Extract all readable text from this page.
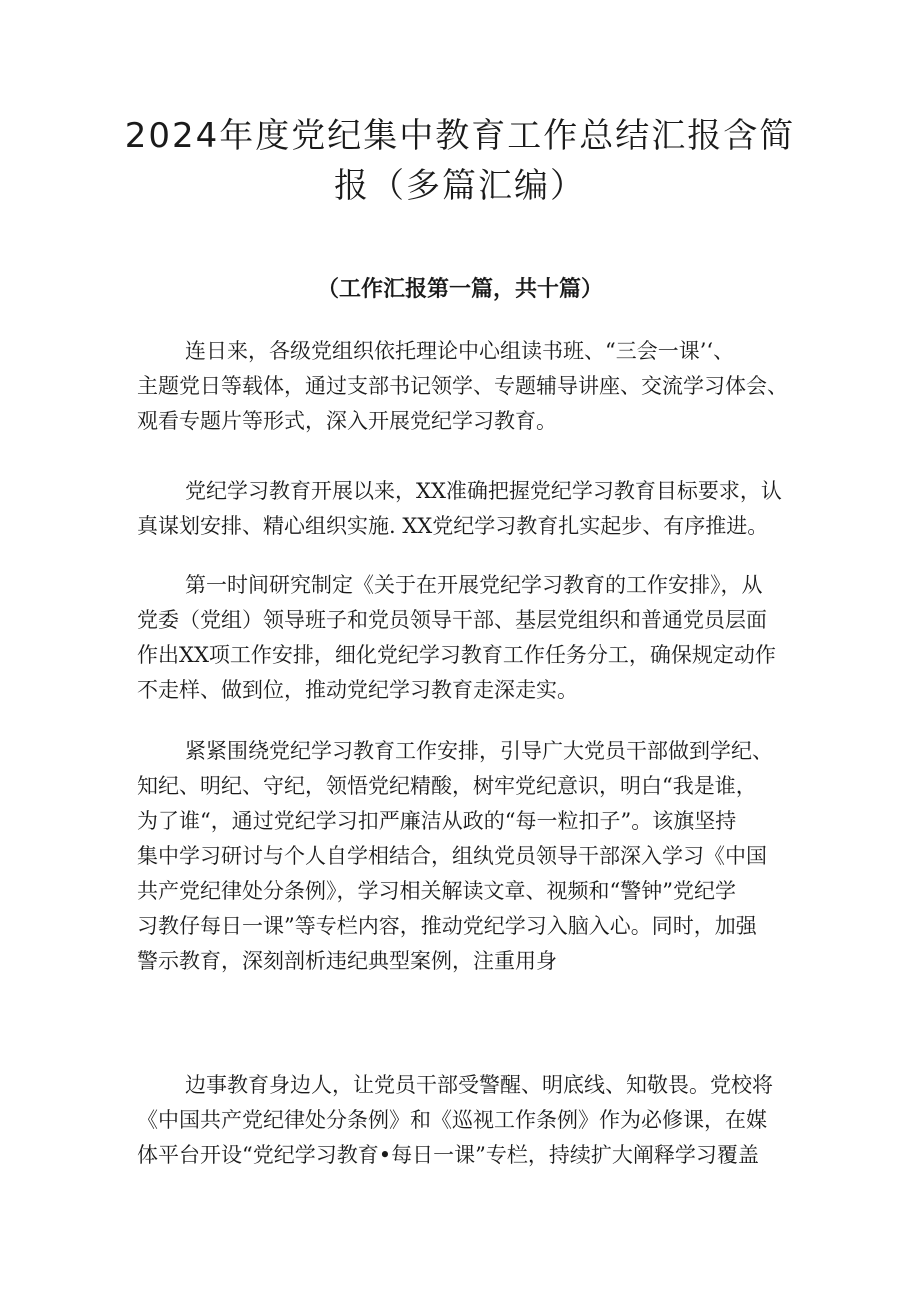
2024年度党纪集中教育工作总结汇报含简
报（多篇汇编）
（工作汇报第一篇，共十篇）
连日来，各级党组织依托理论中心组读书班、“三会一课’‘、
主题党日等载体，通过支部书记领学、专题辅导讲座、交流学习体会、
观看专题片等形式，深入开展党纪学习教育。
党纪学习教育开展以来，XX准确把握党纪学习教育目标要求，认
真谋划安排、精心组织实施. XX党纪学习教育扎实起步、有序推进。
第一时间研究制定《关于在开展党纪学习教育的工作安排》，从
党委（党组）领导班子和党员领导干部、基层党组织和普通党员层面
作出XX项工作安排，细化党纪学习教育工作任务分工，确保规定动作
不走样、做到位，推动党纪学习教育走深走实。
紧紧围绕党纪学习教育工作安排，引导广大党员干部做到学纪、
知纪、明纪、守纪，领悟党纪精酸，树牢党纪意识，明白“我是谁，
为了谁“，通过党纪学习扣严廉洁从政的“每一粒扣子”。该旗坚持
集中学习研讨与个人自学相结合，组纨党员领导干部深入学习《中国
共产党纪律处分条例》，学习相关解读文章、视频和“警钟”党纪学
习教仔每日一课”等专栏内容，推动党纪学习入脑入心。同时，加强
警示教育，深刻剖析违纪典型案例，注重用身
边事教育身边人，让党员干部受警醒、明底线、知敬畏。党校将
《中国共产党纪律处分条例》和《巡视工作条例》作为必修课，在媒
体平台开设“党纪学习教育•每日一课”专栏，持续扩大阐释学习覆盖
